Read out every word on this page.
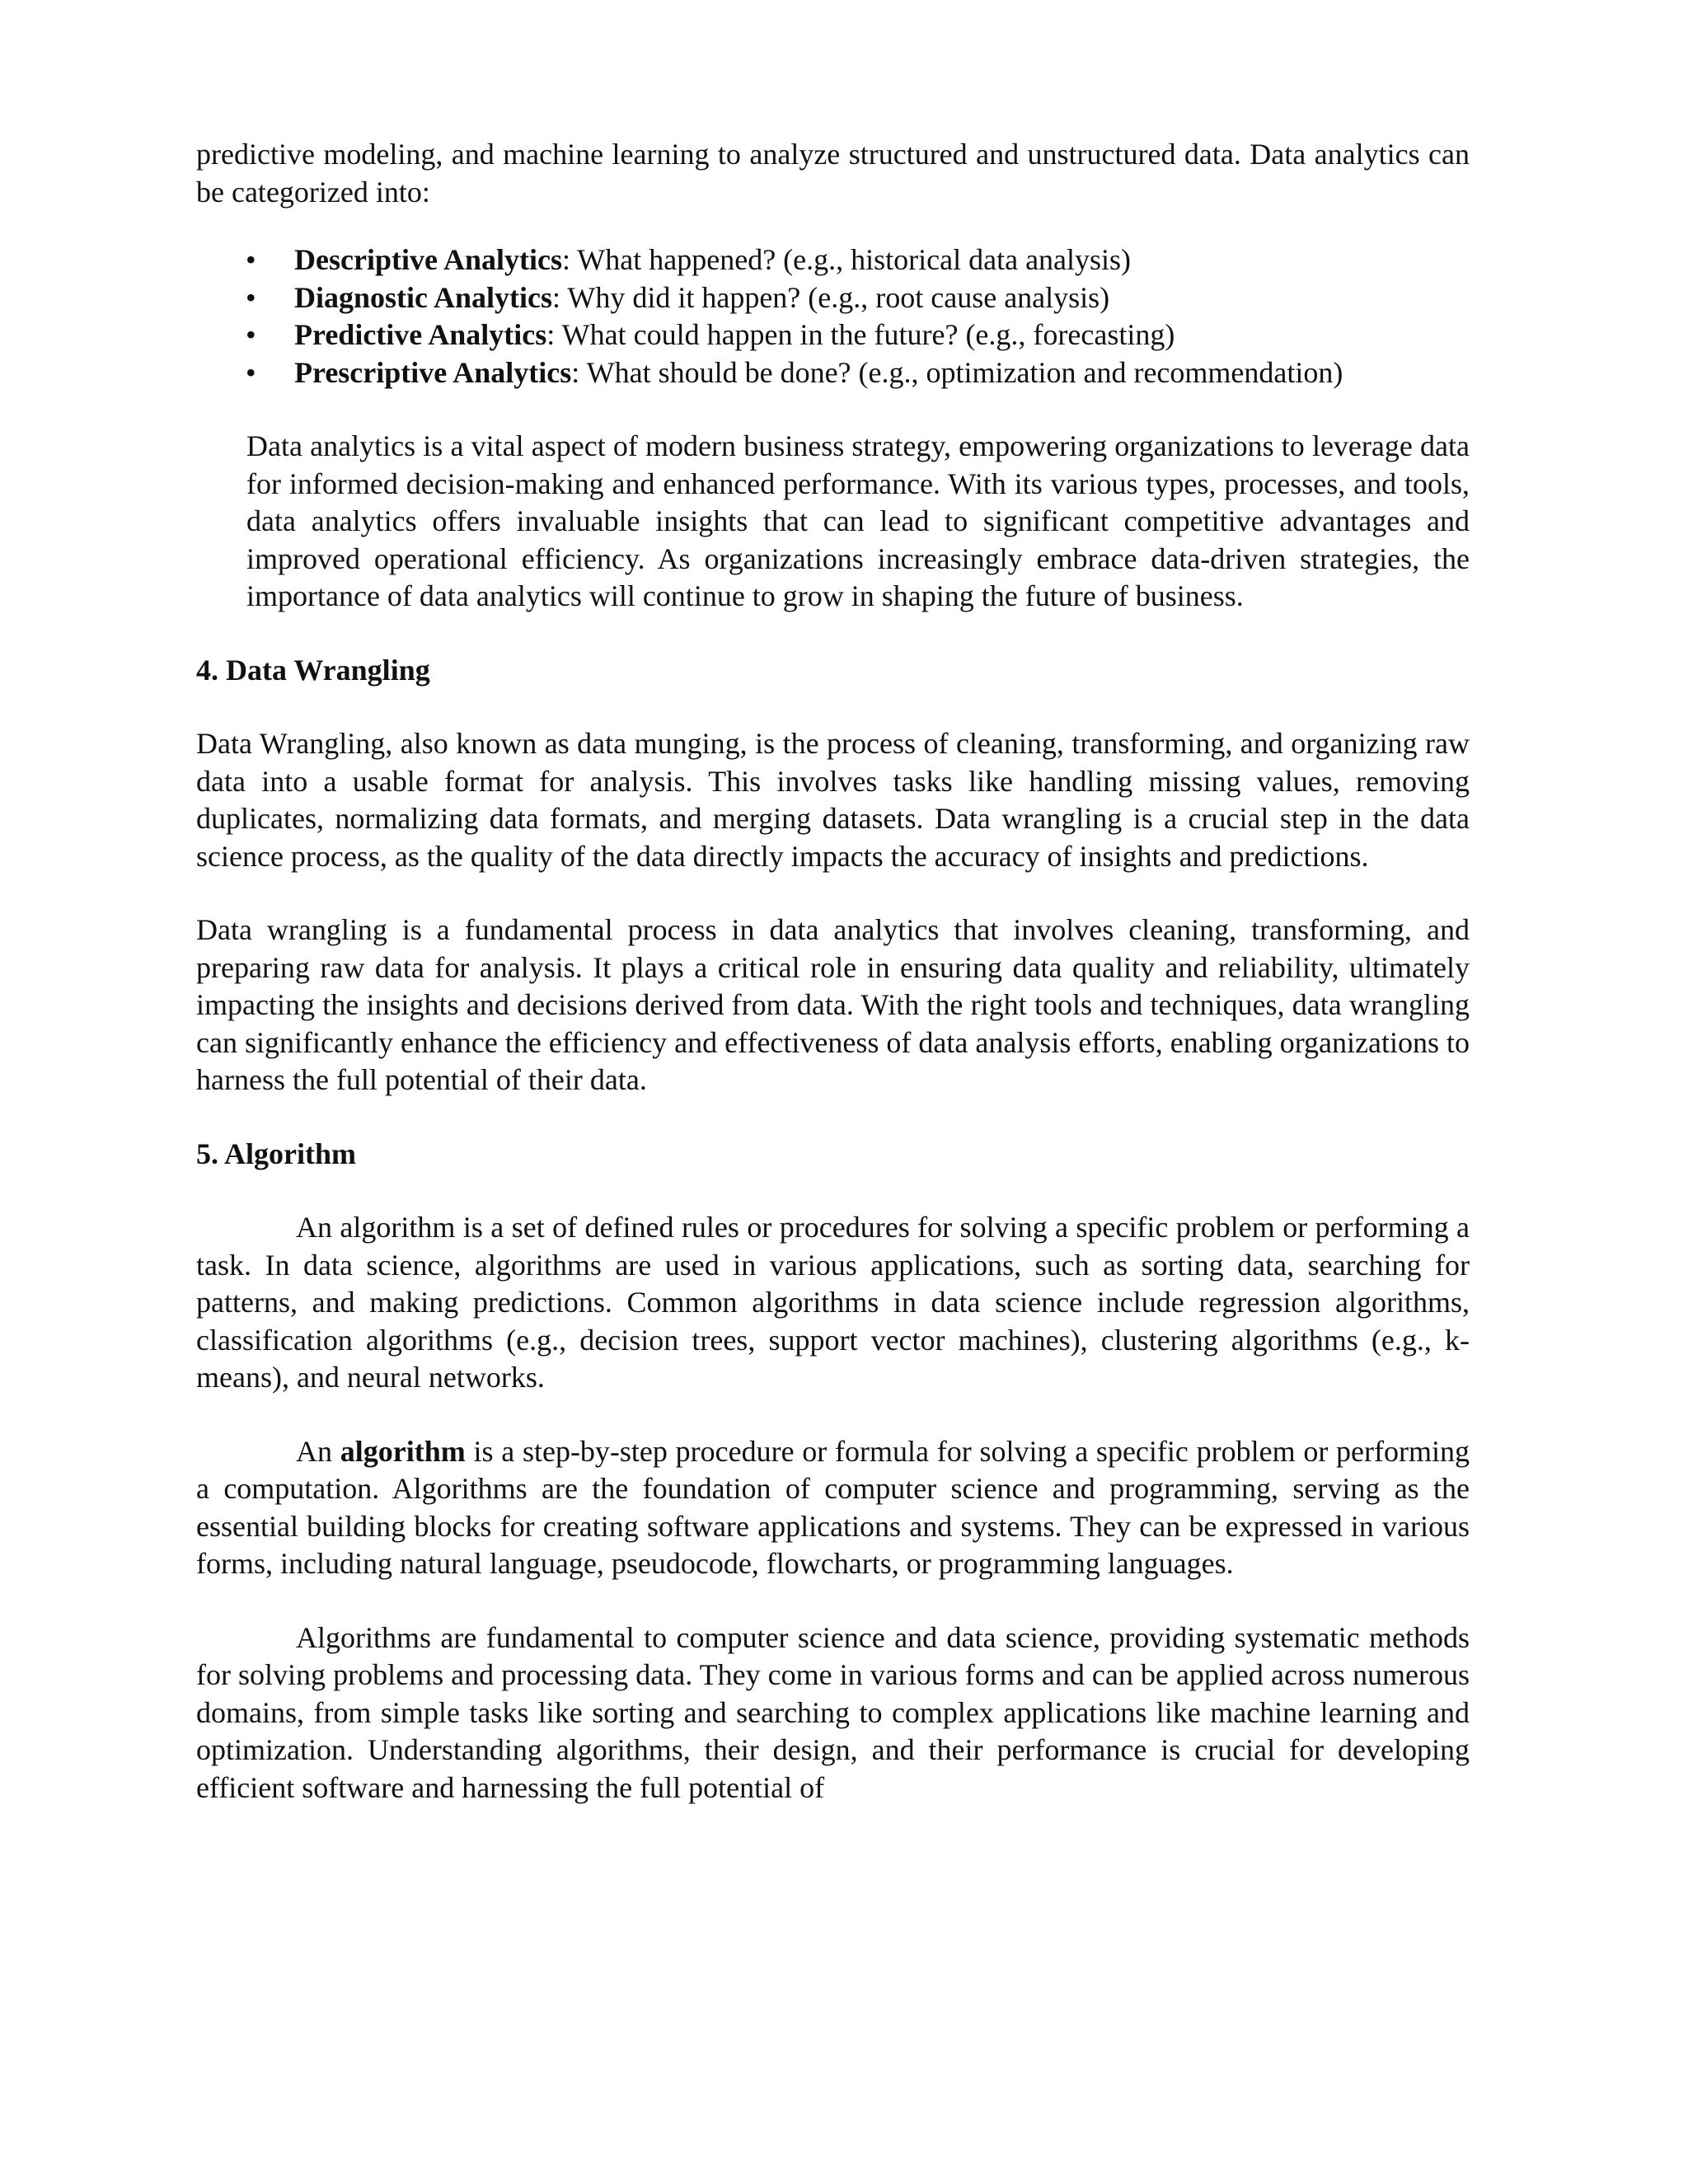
predictive modeling, and machine learning to analyze structured and unstructured data. Data analytics can be categorized into:

• Descriptive Analytics: What happened? (e.g., historical data analysis)
• Diagnostic Analytics: Why did it happen? (e.g., root cause analysis)
• Predictive Analytics: What could happen in the future? (e.g., forecasting)
• Prescriptive Analytics: What should be done? (e.g., optimization and recommendation)

Data analytics is a vital aspect of modern business strategy, empowering organizations to leverage data for informed decision-making and enhanced performance. With its various types, processes, and tools, data analytics offers invaluable insights that can lead to significant competitive advantages and improved operational efficiency. As organizations increasingly embrace data-driven strategies, the importance of data analytics will continue to grow in shaping the future of business.

4. Data Wrangling

Data Wrangling, also known as data munging, is the process of cleaning, transforming, and organizing raw data into a usable format for analysis. This involves tasks like handling missing values, removing duplicates, normalizing data formats, and merging datasets. Data wrangling is a crucial step in the data science process, as the quality of the data directly impacts the accuracy of insights and predictions.

Data wrangling is a fundamental process in data analytics that involves cleaning, transforming, and preparing raw data for analysis. It plays a critical role in ensuring data quality and reliability, ultimately impacting the insights and decisions derived from data. With the right tools and techniques, data wrangling can significantly enhance the efficiency and effectiveness of data analysis efforts, enabling organizations to harness the full potential of their data.

5. Algorithm

An algorithm is a set of defined rules or procedures for solving a specific problem or performing a task. In data science, algorithms are used in various applications, such as sorting data, searching for patterns, and making predictions. Common algorithms in data science include regression algorithms, classification algorithms (e.g., decision trees, support vector machines), clustering algorithms (e.g., k-means), and neural networks.

An algorithm is a step-by-step procedure or formula for solving a specific problem or performing a computation. Algorithms are the foundation of computer science and programming, serving as the essential building blocks for creating software applications and systems. They can be expressed in various forms, including natural language, pseudocode, flowcharts, or programming languages.

Algorithms are fundamental to computer science and data science, providing systematic methods for solving problems and processing data. They come in various forms and can be applied across numerous domains, from simple tasks like sorting and searching to complex applications like machine learning and optimization. Understanding algorithms, their design, and their performance is crucial for developing efficient software and harnessing the full potential of
